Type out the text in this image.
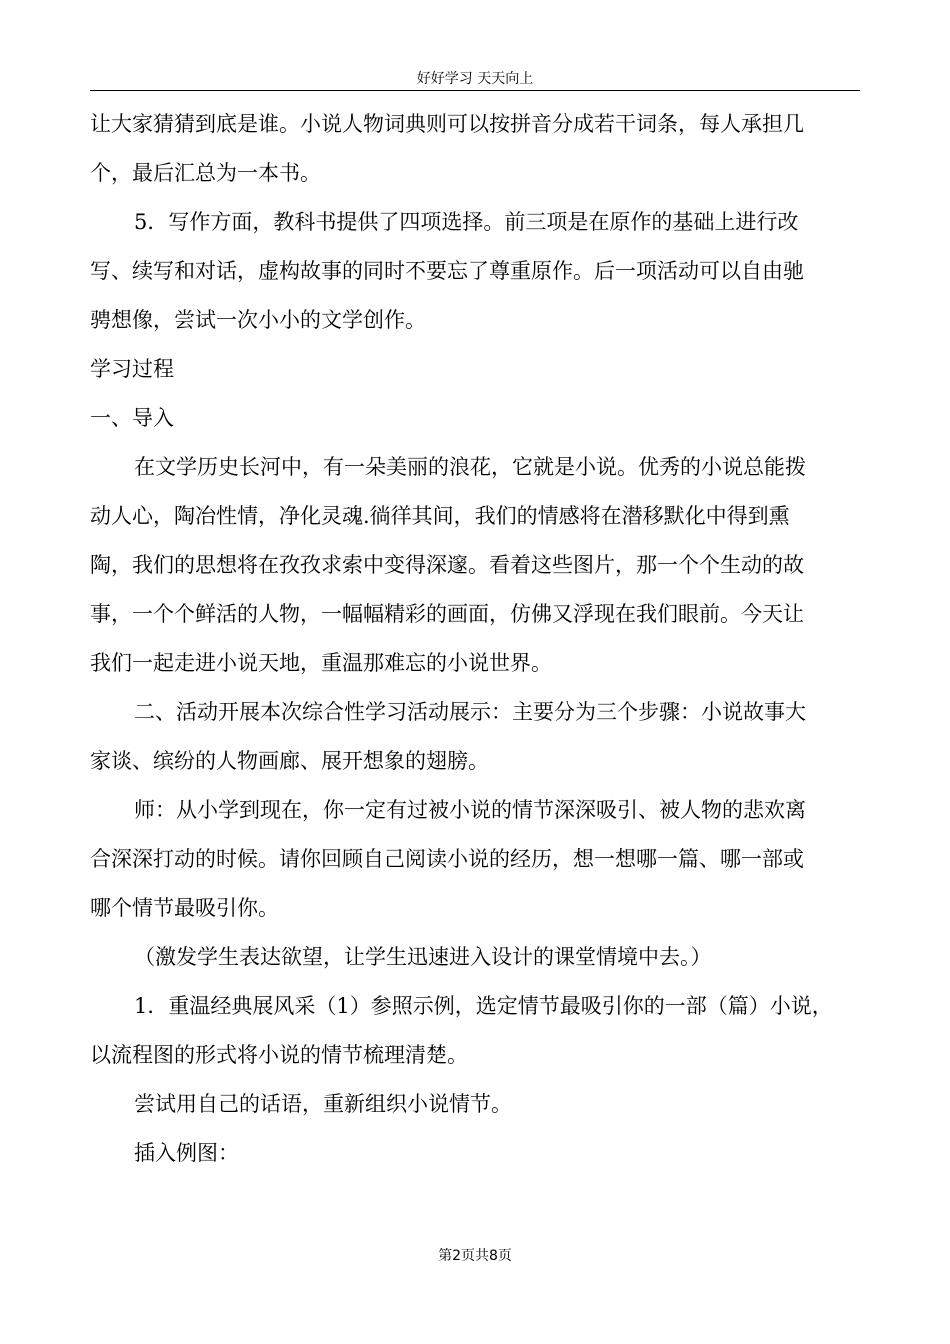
好好学习 天天向上

让大家猜猜到底是谁。小说人物词典则可以按拼音分成若干词条，每人承担几
个，最后汇总为一本书。

5．写作方面，教科书提供了四项选择。前三项是在原作的基础上进行改
写、续写和对话，虚构故事的同时不要忘了尊重原作。后一项活动可以自由驰
骋想像，尝试一次小小的文学创作。

学习过程

一、导入

在文学历史长河中，有一朵美丽的浪花，它就是小说。优秀的小说总能拨
动人心，陶冶性情，净化灵魂.徜徉其间，我们的情感将在潜移默化中得到熏
陶，我们的思想将在孜孜求索中变得深邃。看着这些图片，那一个个生动的故
事，一个个鲜活的人物，一幅幅精彩的画面，仿佛又浮现在我们眼前。今天让
我们一起走进小说天地，重温那难忘的小说世界。

二、活动开展本次综合性学习活动展示：主要分为三个步骤：小说故事大
家谈、缤纷的人物画廊、展开想象的翅膀。

师：从小学到现在，你一定有过被小说的情节深深吸引、被人物的悲欢离
合深深打动的时候。请你回顾自己阅读小说的经历，想一想哪一篇、哪一部或
哪个情节最吸引你。

（激发学生表达欲望，让学生迅速进入设计的课堂情境中去。）

1．重温经典展风采（1）参照示例，选定情节最吸引你的一部（篇）小说，
以流程图的形式将小说的情节梳理清楚。

尝试用自己的话语，重新组织小说情节。

插入例图：

第2页共8页
